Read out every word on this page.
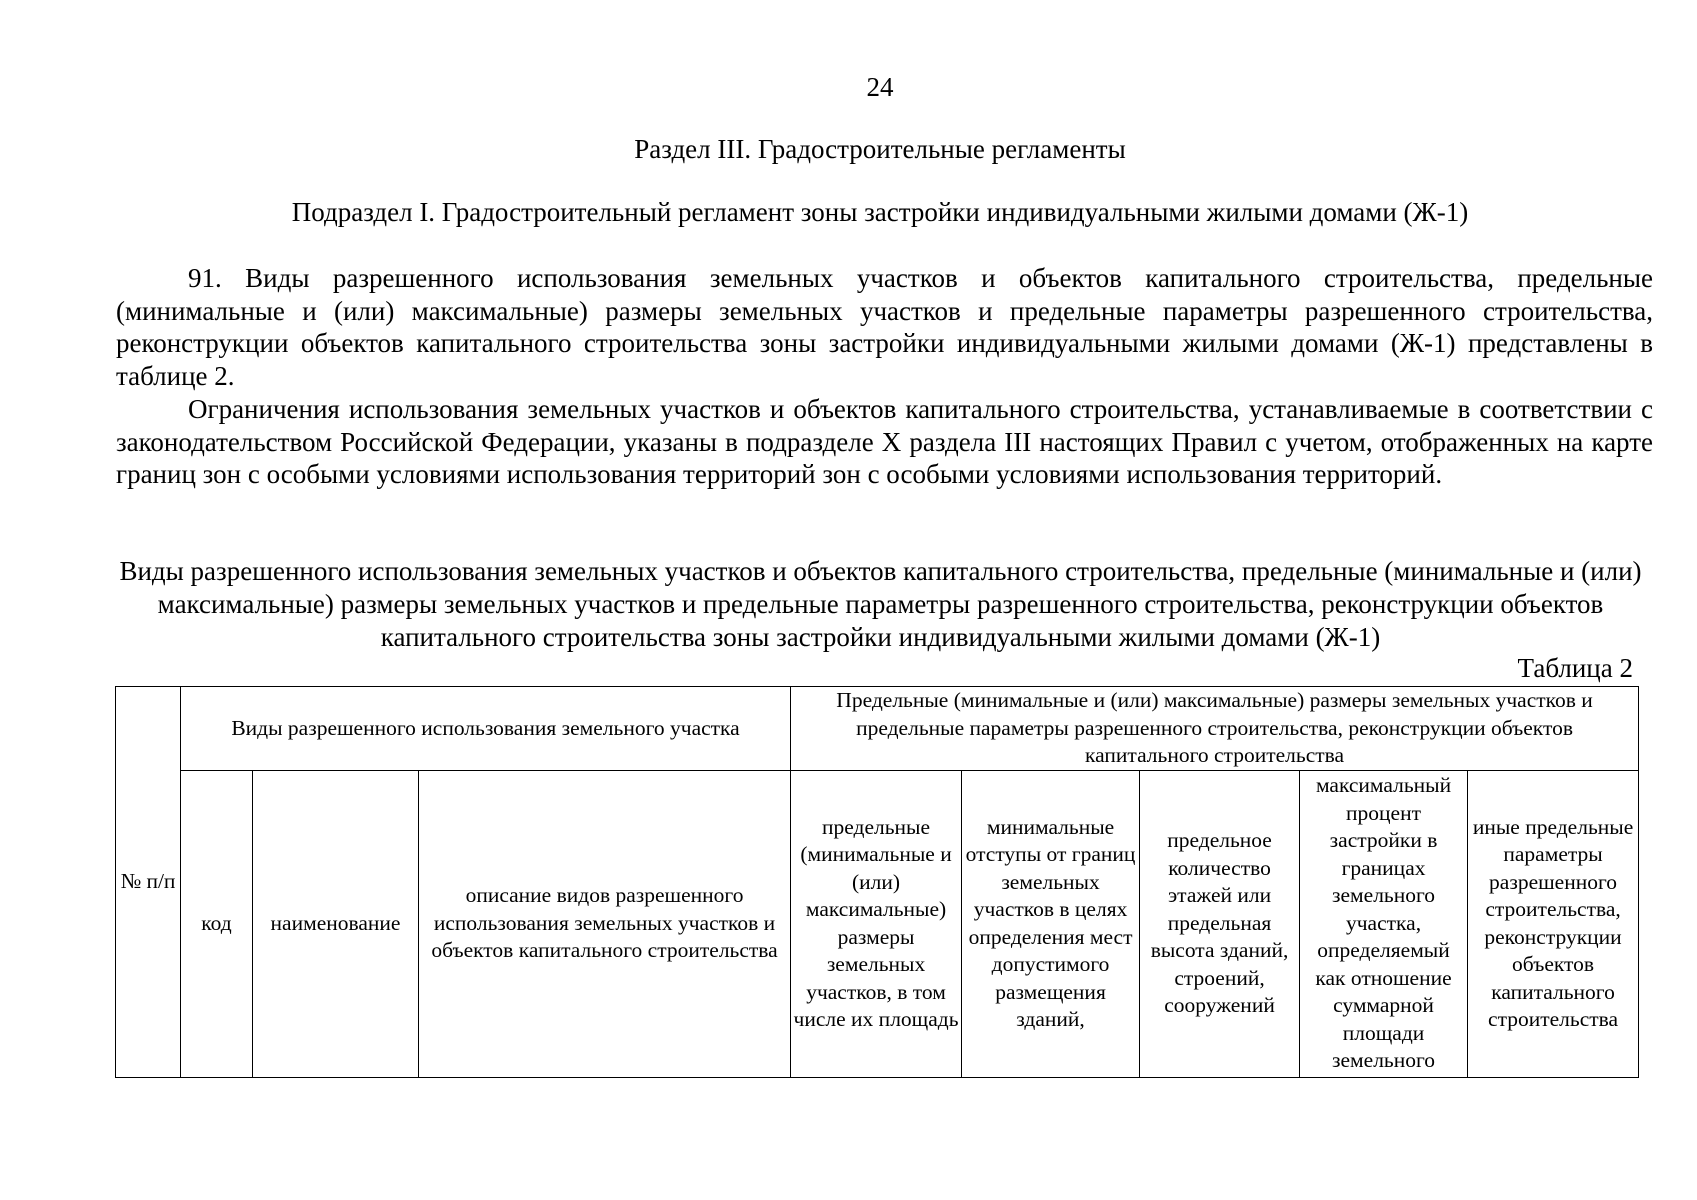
24
Раздел III. Градостроительные регламенты
Подраздел I. Градостроительный регламент зоны застройки индивидуальными жилыми домами (Ж-1)

91. Виды разрешенного использования земельных участков и объектов капитального строительства, предельные (минимальные и (или) максимальные) размеры земельных участков и предельные параметры разрешенного строительства, реконструкции объектов капитального строительства зоны застройки индивидуальными жилыми домами (Ж-1) представлены в таблице 2.

Ограничения использования земельных участков и объектов капитального строительства, устанавливаемые в соответствии с законодательством Российской Федерации, указаны в подразделе X раздела III настоящих Правил с учетом, отображенных на карте границ зон с особыми условиями использования территорий зон с особыми условиями использования территорий.

Виды разрешенного использования земельных участков и объектов капитального строительства, предельные (минимальные и (или) максимальные) размеры земельных участков и предельные параметры разрешенного строительства, реконструкции объектов капитального строительства зоны застройки индивидуальными жилыми домами (Ж-1)

Таблица 2
№ п/п	Виды разрешенного использования земельного участка			Предельные (минимальные и (или) максимальные) размеры земельных участков и предельные параметры разрешенного строительства, реконструкции объектов капитального строительства				
	код	наименование	описание видов разрешенного использования земельных участков и объектов капитального строительства	предельные (минимальные и (или) максимальные) размеры земельных участков, в том числе их площадь	минимальные отступы от границ земельных участков в целях определения мест допустимого размещения зданий,	предельное количество этажей или предельная высота зданий, строений, сооружений	максимальный процент застройки в границах земельного участка, определяемый как отношение суммарной площади земельного	иные предельные параметры разрешенного строительства, реконструкции объектов капитального строительства
